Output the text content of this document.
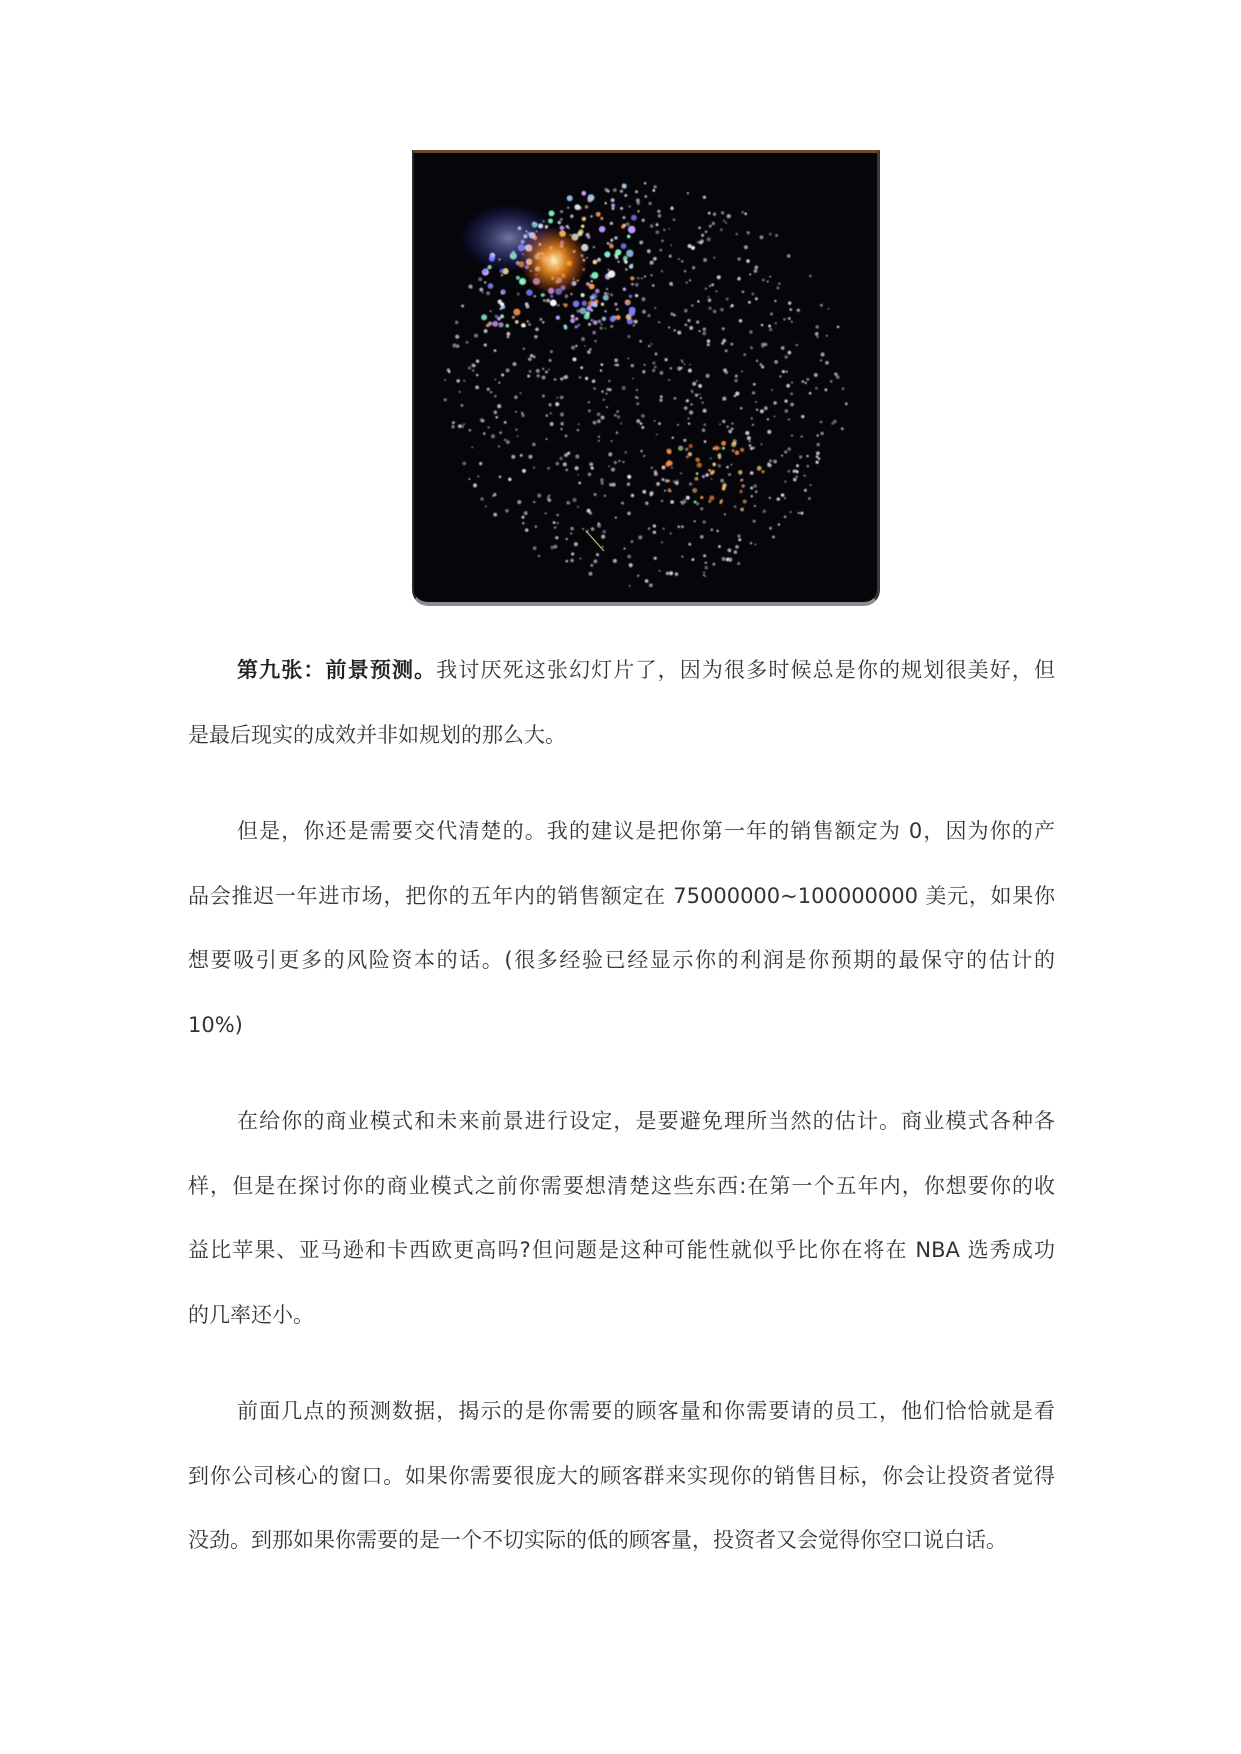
第九张：前景预测。我讨厌死这张幻灯片了，因为很多时候总是你的规划很美好，但
是最后现实的成效并非如规划的那么大。
但是，你还是需要交代清楚的。我的建议是把你第一年的销售额定为 0，因为你的产
品会推迟一年进市场，把你的五年内的销售额定在 75000000~100000000 美元，如果你
想要吸引更多的风险资本的话。(很多经验已经显示你的利润是你预期的最保守的估计的
10%)
在给你的商业模式和未来前景进行设定，是要避免理所当然的估计。商业模式各种各
样，但是在探讨你的商业模式之前你需要想清楚这些东西:在第一个五年内，你想要你的收
益比苹果、亚马逊和卡西欧更高吗?但问题是这种可能性就似乎比你在将在 NBA 选秀成功
的几率还小。
前面几点的预测数据，揭示的是你需要的顾客量和你需要请的员工，他们恰恰就是看
到你公司核心的窗口。如果你需要很庞大的顾客群来实现你的销售目标，你会让投资者觉得
没劲。到那如果你需要的是一个不切实际的低的顾客量，投资者又会觉得你空口说白话。
